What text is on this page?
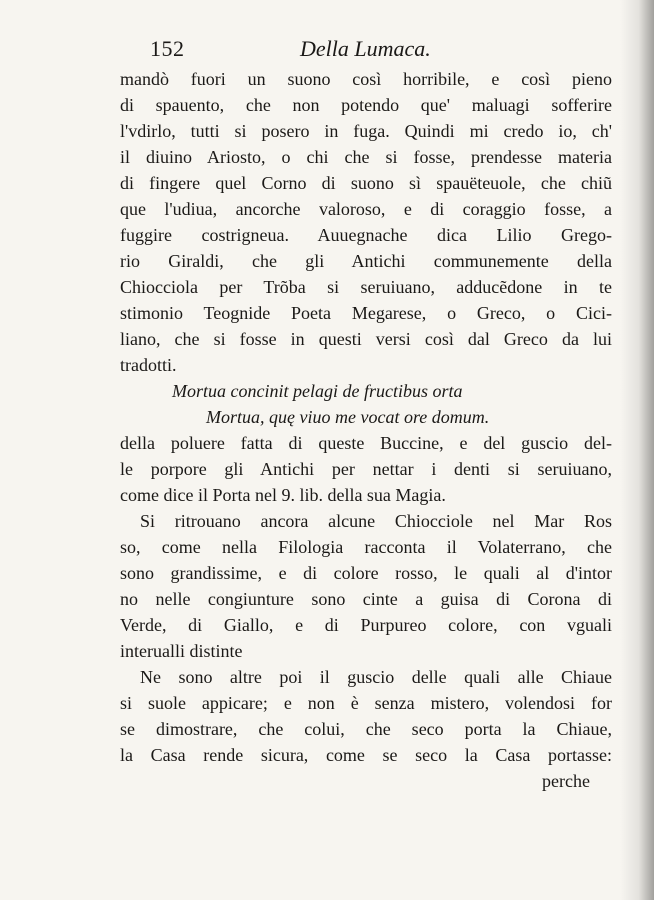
152	Della Lumaca.
mandò fuori un suono così horribile, e così pieno
di spauento, che non potendo que' maluagi sofferire
l'vdirlo, tutti si posero in fuga. Quindi mi credo io, ch'
il diuino Ariosto, o chi che si fosse, prendesse materia
di fingere quel Corno di suono sì spauëteuole, che chiũ
que l'udiua, ancorche valoroso, e di coraggio fosse, a
fuggire costrigneua. Auuegnache dica Lilio Grego-
rio Giraldi, che gli Antichi communemente della
Chiocciola per Trõba si seruiuano, adducẽdone in te
stimonio Teognide Poeta Megarese, o Greco, o Cici-
liano, che si fosse in questi versi così dal Greco da lui
tradotti.
Mortua concinit pelagi de fructibus orta
Mortua, quę viuo me vocat ore domum.
della poluere fatta di queste Buccine, e del guscio del-
le porpore gli Antichi per nettar i denti si seruiuano,
come dice il Porta nel 9. lib. della sua Magia.
Si ritrouano ancora alcune Chiocciole nel Mar Ros
so, come nella Filologia racconta il Volaterrano, che
sono grandissime, e di colore rosso, le quali al d'intor
no nelle congiunture sono cinte a guisa di Corona di
Verde, di Giallo, e di Purpureo colore, con vguali
interualli distinte
Ne sono altre poi il guscio delle quali alle Chiaue
si suole appicare; e non è senza mistero, volendosi for
se dimostrare, che colui, che seco porta la Chiaue,
la Casa rende sicura, come se seco la Casa portasse:
perche
